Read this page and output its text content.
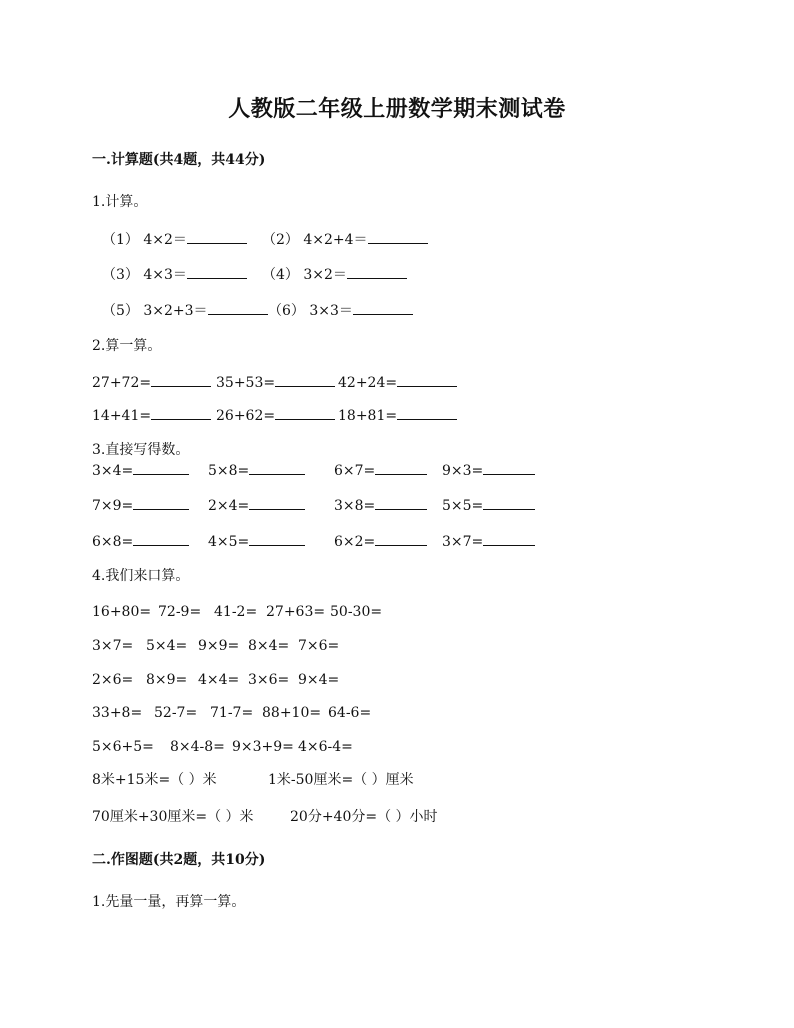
人教版二年级上册数学期末测试卷
一.计算题(共4题，共44分)
1.计算。
（1） 4×2＝	（2） 4×2+4＝
（3） 4×3＝	（4） 3×2＝
（5） 3×2+3＝	（6） 3×3＝
2.算一算。
27+72=	35+53=	42+24=
14+41=	26+62=	18+81=
3.直接写得数。
3×4=	5×8=	6×7=	9×3=
7×9=	2×4=	3×8=	5×5=
6×8=	4×5=	6×2=	3×7=
4.我们来口算。
16+80= 72-9= 41-2= 27+63= 50-30=
3×7= 5×4= 9×9= 8×4= 7×6=
2×6= 8×9= 4×4= 3×6= 9×4=
33+8= 52-7= 71-7= 88+10= 64-6=
5×6+5= 8×4-8= 9×3+9= 4×6-4=
8米+15米=（ ）米	1米-50厘米=（ ）厘米
70厘米+30厘米=（ ）米	20分+40分=（ ）小时
二.作图题(共2题，共10分)
1.先量一量，再算一算。
